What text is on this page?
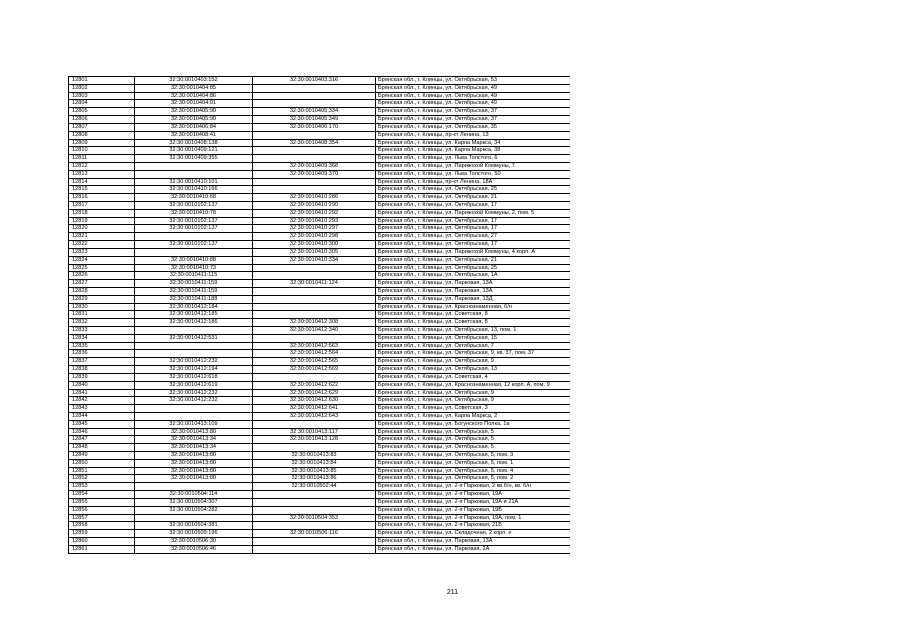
12801	32:30:0010403:152	32:30:0010403:316	Брянская обл., г. Клинцы, ул. Октябрьская, 53
12802	32:30:0010404:85		Брянская обл., г. Клинцы, ул. Октябрьская, 49
12803	32:30:0010404:86		Брянская обл., г. Клинцы, ул. Октябрьская, 49
12804	32:30:0010404:91		Брянская обл., г. Клинцы, ул. Октябрьская, 49
12805	32:30:0010405:90	32:30:0010405:334	Брянская обл., г. Клинцы, ул. Октябрьская, 37
12806	32:30:0010405:90	32:30:0010405:349	Брянская обл., г. Клинцы, ул. Октябрьская, 37
12807	32:30:0010406:84	32:30:0010406:170	Брянская обл., г. Клинцы, ул. Октябрьская, 35
12808	32:30:0010408:41		Брянская обл., г. Клинцы, пр-кт Ленина, 13
12809	32:30:0010408:138	32:30:0010408:354	Брянская обл., г. Клинцы, ул. Карла Маркса, 34
12810	32:30:0010409:121		Брянская обл., г. Клинцы, ул. Карла Маркса, 38
12811	32:30:0010409:355		Брянская обл., г. Клинцы, ул. Льва Толстого, 6
12812		32:30:0010409:368	Брянская обл., г. Клинцы, ул. Парижской Коммуны, 7
12813		32:30:0010409:370	Брянская обл., г. Клинцы, ул. Льва Толстого, 50
12814	32:30:0010410:101		Брянская обл., г. Клинцы, пр-кт Ленина, 18А
12815	32:30:0010410:166		Брянская обл., г. Клинцы, ул. Октябрьская, 25
12816	32:30:0010410:68	32:30:0010410:286	Брянская обл., г. Клинцы, ул. Октябрьская, 21
12817	32:30:0010102:137	32:30:0010410:290	Брянская обл., г. Клинцы, ул. Октябрьская, 17
12818	32:30:0010410:78	32:30:0010410:292	Брянская обл., г. Клинцы, ул. Парижской Коммуны, 2, пом. 5
12819	32:30:0010102:137	32:30:0010410:293	Брянская обл., г. Клинцы, ул. Октябрьская, 17
12820	32:30:0010102:137	32:30:0010410:297	Брянская обл., г. Клинцы, ул. Октябрьская, 17
12821		32:30:0010410:298	Брянская обл., г. Клинцы, ул. Октябрьская, 27
12822	32:30:0010102:137	32:30:0010410:300	Брянская обл., г. Клинцы, ул. Октябрьская, 17
12823		32:30:0010410:305	Брянская обл., г. Клинцы, ул. Парижской Коммуны, 4 корп. А
12824	32:30:0010410:88	32:30:0010410:334	Брянская обл., г. Клинцы, ул. Октябрьская, 21
12825	32:30:0010410:73		Брянская обл., г. Клинцы, ул. Октябрьская, 25
12826	32:30:0010411:115		Брянская обл., г. Клинцы, ул. Октябрьская, 1А
12827	32:30:0010411:159	32:30:0010411:124	Брянская обл., г. Клинцы, ул. Парковая, 13А
12828	32:30:0010411:159		Брянская обл., г. Клинцы, ул. Парковая, 13А
12829	32:30:0010411:188		Брянская обл., г. Клинцы, ул. Парковая, 13Д
12830	32:30:0010412:184		Брянская обл., г. Клинцы, ул. Краснознаменная, б/н
12831	32:30:0010412:185		Брянская обл., г. Клинцы, ул. Советская, 8
12832	32:30:0010412:186	32:30:0010412:308	Брянская обл., г. Клинцы, ул. Советская, 8
12833		32:30:0010412:340	Брянская обл., г. Клинцы, ул. Октябрьская, 13, пом. 1
12834	32:30:0010412:531		Брянская обл., г. Клинцы, ул. Октябрьская, 15
12835		32:30:0010412:563	Брянская обл., г. Клинцы, ул. Октябрьская, 7
12836		32:30:0010412:564	Брянская обл., г. Клинцы, ул. Октябрьская, 9, кв. 37, пом. 37
12837	32:30:0010412:232	32:30:0010412:565	Брянская обл., г. Клинцы, ул. Октябрьская, 9
12838	32:30:0010412:194	32:30:0010412:569	Брянская обл., г. Клинцы, ул. Октябрьская, 13
12839	32:30:0010412:618		Брянская обл., г. Клинцы, ул. Советская, 4
12840	32:30:0010412:619	32:30:0010412:622	Брянская обл., г. Клинцы, ул. Краснознаменная, 12 корп. А, пом. 9
12841	32:30:0010412:232	32:30:0010412:629	Брянская обл., г. Клинцы, ул. Октябрьская, 9
12842	32:30:0010412:232	32:30:0010412:630	Брянская обл., г. Клинцы, ул. Октябрьская, 9
12843		32:30:0010412:641	Брянская обл., г. Клинцы, ул. Советская, 3
12844		32:30:0010412:643	Брянская обл., г. Клинцы, ул. Карла Маркса, 2
12845	32:30:0010413:109		Брянская обл., г. Клинцы, ул. Богунского Полка, 1а
12846	32:30:0010413:80	32:30:0010413:117	Брянская обл., г. Клинцы, ул. Октябрьская, 5
12847	32:30:0010413:34	32:30:0010413:128	Брянская обл., г. Клинцы, ул. Октябрьская, 5
12848	32:30:0010413:34		Брянская обл., г. Клинцы, ул. Октябрьская, 5
12849	32:30:0010413:80	32:30:0010413:83	Брянская обл., г. Клинцы, ул. Октябрьская, 5, пом. 3
12850	32:30:0010413:80	32:30:0010413:84	Брянская обл., г. Клинцы, ул. Октябрьская, 5, пом. 1
12851	32:30:0010413:80	32:30:0010413:85	Брянская обл., г. Клинцы, ул. Октябрьская, 5, пом. 4
12852	32:30:0010413:80	32:30:0010413:86	Брянская обл., г. Клинцы, ул. Октябрьская, 5, пом. 2
12853		32:30:0010502:44	Брянская обл., г. Клинцы, ул. 2-я Парковая, 2 кв.б/н, кв. б/н
12854	32:30:0010504:114		Брянская обл., г. Клинцы, ул. 2-я Парковая, 19А
12855	32:30:0010504:307		Брянская обл., г. Клинцы, ул. 2-я Парковая, 19А и 21А
12856	32:30:0010504:282		Брянская обл., г. Клинцы, ул. 2-я Парковая, 19Б
12857		32:30:0010504:353	Брянская обл., г. Клинцы, ул. 2-я Парковая, 19А, пом. 1
12858	32:30:0010504:381		Брянская обл., г. Клинцы, ул. 2-я Парковая, 21Б
12859	32:30:0010509:196	32:30:0010506:116	Брянская обл., г. Клинцы, ул. Складочная, 2 корп. е
12860	32:30:0010506:30		Брянская обл., г. Клинцы, ул. Парковая, 13А
12861	32:30:0010506:46		Брянская обл., г. Клинцы, ул. Парковая, 2А
211
